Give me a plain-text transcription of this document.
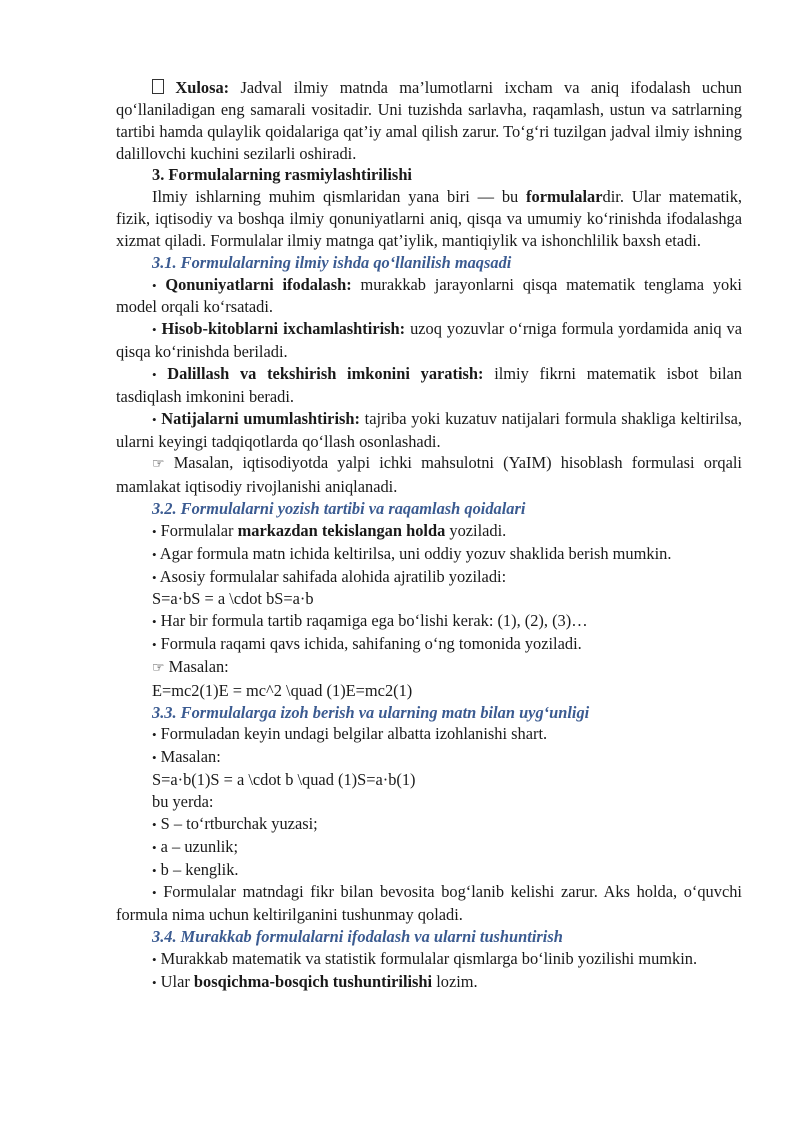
Xulosa: Jadval ilmiy matnda ma’lumotlarni ixcham va aniq ifodalash uchun qo‘llaniladigan eng samarali vositadir. Uni tuzishda sarlavha, raqamlash, ustun va satrlarning tartibi hamda qulaylik qoidalariga qat’iy amal qilish zarur. To‘g‘ri tuzilgan jadval ilmiy ishning dalillovchi kuchini sezilarli oshiradi.

3. Formulalarning rasmiylashtirilishi

Ilmiy ishlarning muhim qismlaridan yana biri — bu formulalardir. Ular matematik, fizik, iqtisodiy va boshqa ilmiy qonuniyatlarni aniq, qisqa va umumiy ko‘rinishda ifodalashga xizmat qiladi. Formulalar ilmiy matnga qat’iylik, mantiqiylik va ishonchlilik baxsh etadi.

3.1. Formulalarning ilmiy ishda qo‘llanilish maqsadi

• Qonuniyatlarni ifodalash: murakkab jarayonlarni qisqa matematik tenglama yoki model orqali ko‘rsatadi.

• Hisob-kitoblarni ixchamlashtirish: uzoq yozuvlar o‘rniga formula yordamida aniq va qisqa ko‘rinishda beriladi.

• Dalillash va tekshirish imkonini yaratish: ilmiy fikrni matematik isbot bilan tasdiqlash imkonini beradi.

• Natijalarni umumlashtirish: tajriba yoki kuzatuv natijalari formula shakliga keltirilsa, ularni keyingi tadqiqotlarda qo‘llash osonlashadi.

☞ Masalan, iqtisodiyotda yalpi ichki mahsulotni (YaIM) hisoblash formulasi orqali mamlakat iqtisodiy rivojlanishi aniqlanadi.

3.2. Formulalarni yozish tartibi va raqamlash qoidalari

• Formulalar markazdan tekislangan holda yoziladi.

• Agar formula matn ichida keltirilsa, uni oddiy yozuv shaklida berish mumkin.

• Asosiy formulalar sahifada alohida ajratilib yoziladi:

S=a·bS = a \cdot bS=a·b

• Har bir formula tartib raqamiga ega bo‘lishi kerak: (1), (2), (3)…

• Formula raqami qavs ichida, sahifaning o‘ng tomonida yoziladi.

☞ Masalan:

E=mc2(1)E = mc^2 \quad (1)E=mc2(1)

3.3. Formulalarga izoh berish va ularning matn bilan uyg‘unligi

• Formuladan keyin undagi belgilar albatta izohlanishi shart.

• Masalan:

S=a·b(1)S = a \cdot b \quad (1)S=a·b(1)

bu yerda:

• S – to‘rtburchak yuzasi;

• a – uzunlik;

• b – kenglik.

• Formulalar matndagi fikr bilan bevosita bog‘lanib kelishi zarur. Aks holda, o‘quvchi formula nima uchun keltirilganini tushunmay qoladi.

3.4. Murakkab formulalarni ifodalash va ularni tushuntirish

• Murakkab matematik va statistik formulalar qismlarga bo‘linib yozilishi mumkin.

• Ular bosqichma-bosqich tushuntirilishi lozim.
